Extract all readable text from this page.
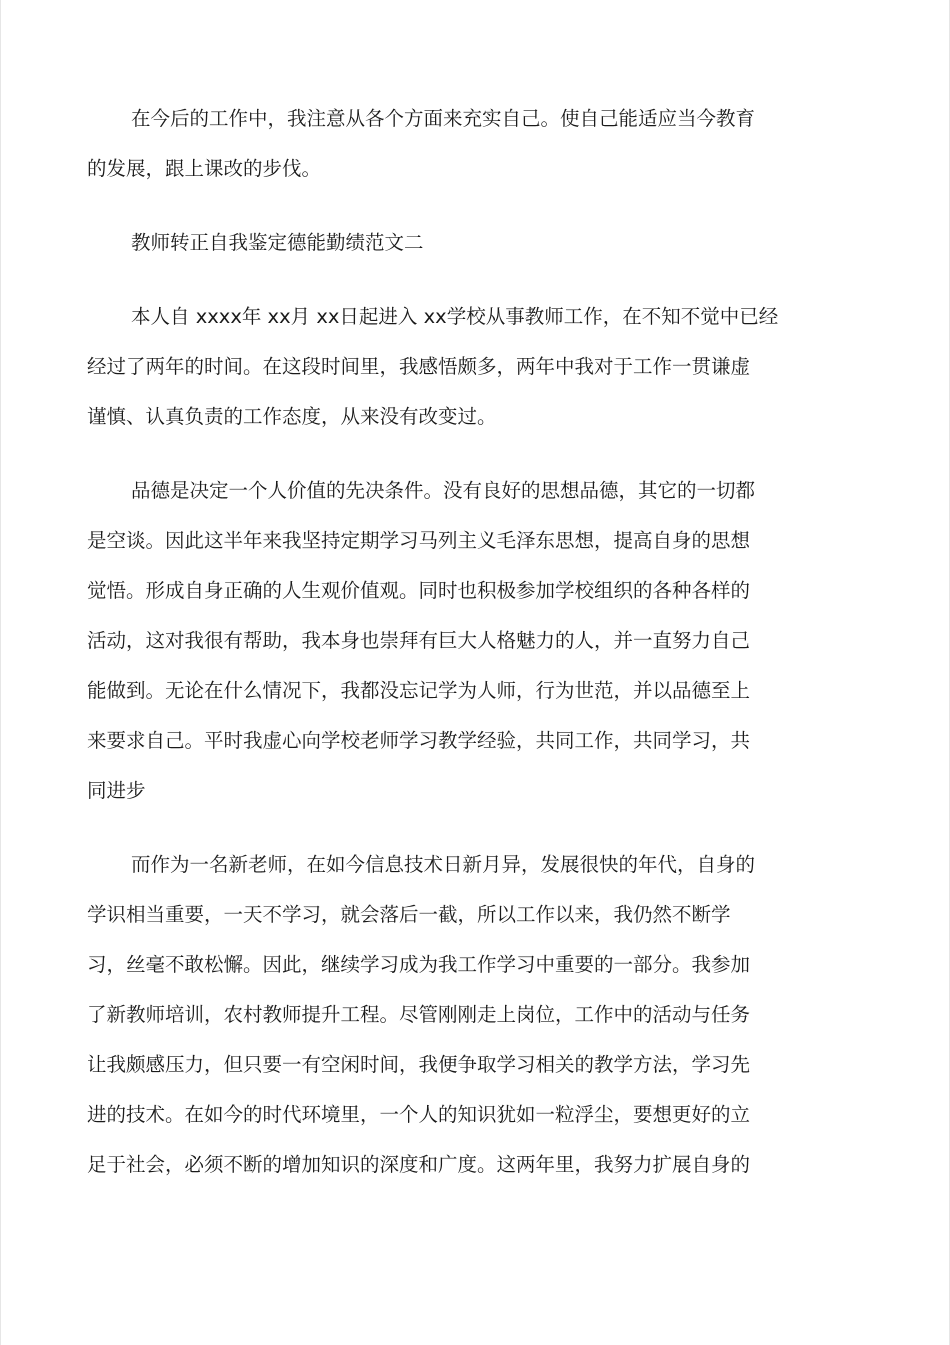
在今后的工作中，我注意从各个方面来充实自己。使自己能适应当今教育
的发展，跟上课改的步伐。
教师转正自我鉴定德能勤绩范文二
本人自 xxxx年 xx月 xx日起进入 xx学校从事教师工作，在不知不觉中已经
经过了两年的时间。在这段时间里，我感悟颇多，两年中我对于工作一贯谦虚
谨慎、认真负责的工作态度，从来没有改变过。
品德是决定一个人价值的先决条件。没有良好的思想品德，其它的一切都
是空谈。因此这半年来我坚持定期学习马列主义毛泽东思想，提高自身的思想
觉悟。形成自身正确的人生观价值观。同时也积极参加学校组织的各种各样的
活动，这对我很有帮助，我本身也崇拜有巨大人格魅力的人，并一直努力自己
能做到。无论在什么情况下，我都没忘记学为人师，行为世范，并以品德至上
来要求自己。平时我虚心向学校老师学习教学经验，共同工作，共同学习，共
同进步
而作为一名新老师，在如今信息技术日新月异，发展很快的年代，自身的
学识相当重要，一天不学习，就会落后一截，所以工作以来，我仍然不断学
习，丝毫不敢松懈。因此，继续学习成为我工作学习中重要的一部分。我参加
了新教师培训，农村教师提升工程。尽管刚刚走上岗位，工作中的活动与任务
让我颇感压力，但只要一有空闲时间，我便争取学习相关的教学方法，学习先
进的技术。在如今的时代环境里，一个人的知识犹如一粒浮尘，要想更好的立
足于社会，必须不断的增加知识的深度和广度。这两年里，我努力扩展自身的
